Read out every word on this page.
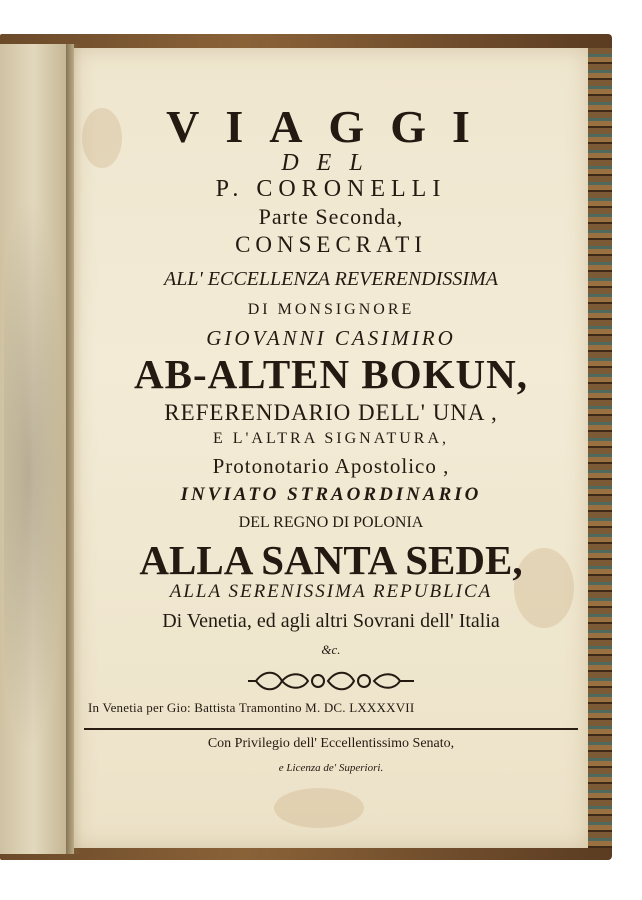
VIAGGI
DEL
P. CORONELLI
Parte Seconda,
CONSECRATI
ALL' ECCELLENZA REVERENDISSIMA
DI MONSIGNORE
GIOVANNI CASIMIRO
AB-ALTEN BOKUN,
REFERENDARIO DELL' UNA ,
E L'ALTRA SIGNATURA,
Protonotario Apostolico ,
INVIATO STRAORDINARIO
DEL REGNO DI POLONIA
ALLA SANTA SEDE,
ALLA SERENISSIMA REPUBLICA
Di Venetia, ed agli altri Sovrani dell' Italia
&c.
In Venetia per Gio: Battista Tramontino M. DC. LXXXXVII
Con Privilegio dell' Eccellentissimo Senato,
e Licenza de' Superiori.
